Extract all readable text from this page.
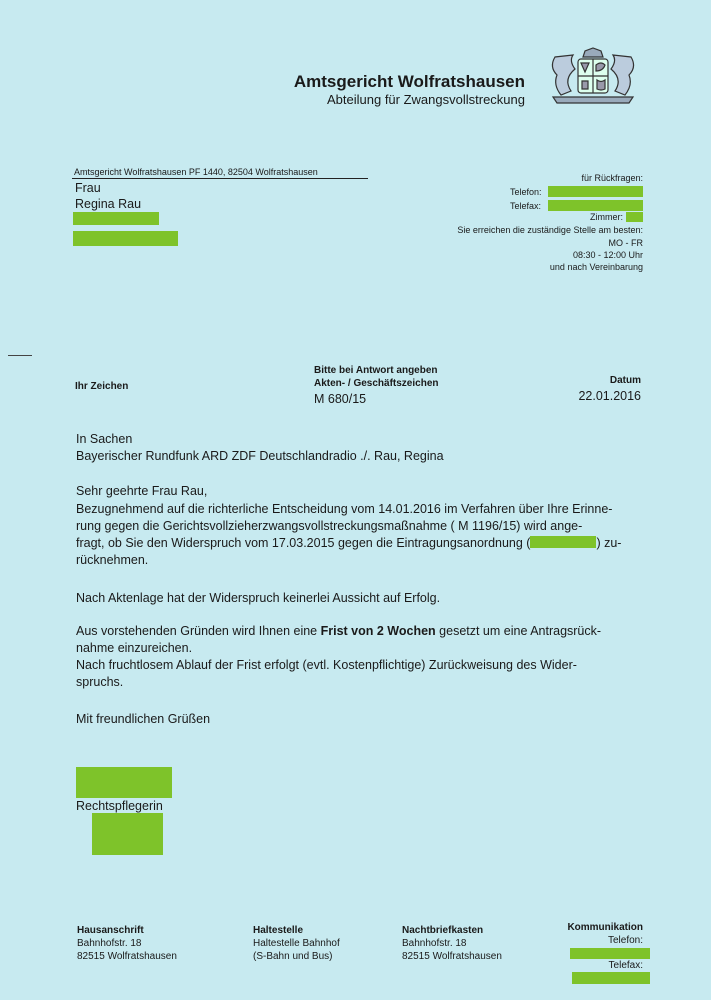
Amtsgericht Wolfratshausen
Abteilung für Zwangsvollstreckung
Amtsgericht Wolfratshausen PF 1440, 82504 Wolfratshausen
Frau
Regina Rau
für Rückfragen:
Telefon:
Telefax:
Zimmer:
Sie erreichen die zuständige Stelle am besten:
MO - FR
08:30 - 12:00 Uhr
und nach Vereinbarung
Ihr Zeichen
Bitte bei Antwort angeben
Akten- / Geschäftszeichen
M 680/15
Datum
22.01.2016
In Sachen
Bayerischer Rundfunk ARD ZDF Deutschlandradio ./. Rau, Regina
Sehr geehrte Frau Rau,
Bezugnehmend auf die richterliche Entscheidung vom 14.01.2016 im Verfahren über Ihre Erinne-
rung gegen die Gerichtsvollzieherzwangsvollstreckungsmaßnahme ( M 1196/15) wird ange-
fragt, ob Sie den Widerspruch vom 17.03.2015 gegen die Eintragungsanordnung (	) zu-
rücknehmen.
Nach Aktenlage hat der Widerspruch keinerlei Aussicht auf Erfolg.
Aus vorstehenden Gründen wird Ihnen eine Frist von 2 Wochen gesetzt um eine Antragsrück-
nahme einzureichen.
Nach fruchtlosem Ablauf der Frist erfolgt (evtl. Kostenpflichtige) Zurückweisung des Wider-
spruchs.
Mit freundlichen Grüßen
Rechtspflegerin
Hausanschrift
Bahnhofstr. 18
82515 Wolfratshausen
Haltestelle
Haltestelle Bahnhof
(S-Bahn und Bus)
Nachtbriefkasten
Bahnhofstr. 18
82515 Wolfratshausen
Kommunikation
Telefon:
Telefax:
